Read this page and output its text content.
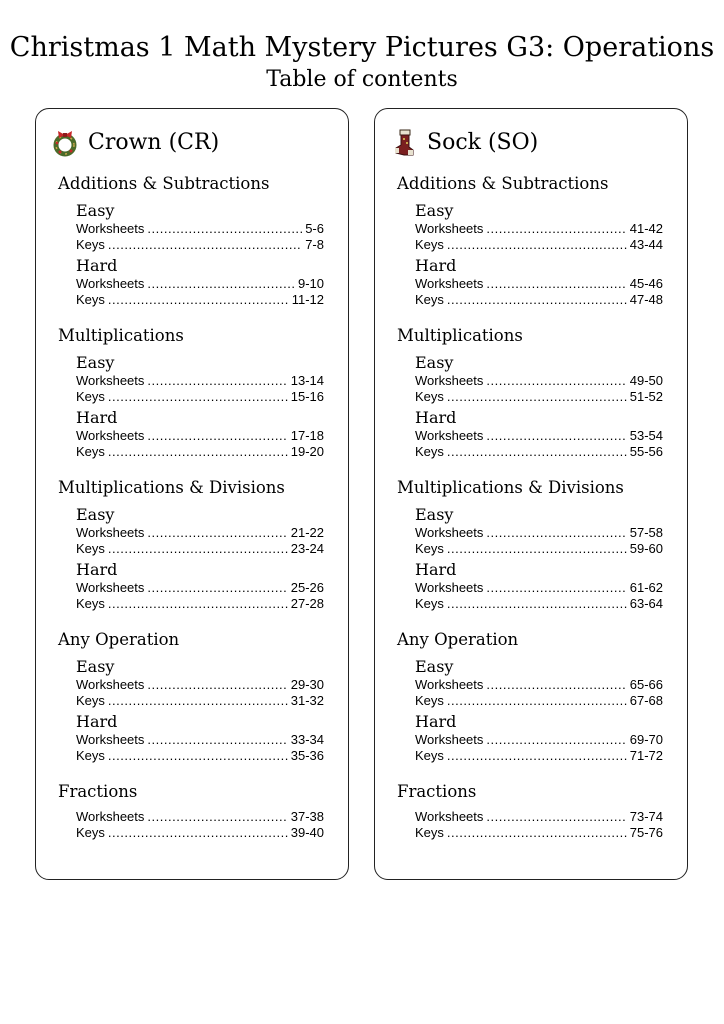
Christmas 1 Math Mystery Pictures G3: Operations
Table of contents
Crown (CR)
Additions & Subtractions
Easy
Worksheets .....	5-6
Keys .....	7-8
Hard
Worksheets .....	9-10
Keys .....	11-12
Multiplications
Easy
Worksheets .....	13-14
Keys .....	15-16
Hard
Worksheets .....	17-18
Keys .....	19-20
Multiplications & Divisions
Easy
Worksheets .....	21-22
Keys .....	23-24
Hard
Worksheets .....	25-26
Keys .....	27-28
Any Operation
Easy
Worksheets .....	29-30
Keys .....	31-32
Hard
Worksheets .....	33-34
Keys .....	35-36
Fractions
Worksheets .....	37-38
Keys .....	39-40
Sock (SO)
Additions & Subtractions
Easy
Worksheets .....	41-42
Keys .....	43-44
Hard
Worksheets .....	45-46
Keys .....	47-48
Multiplications
Easy
Worksheets .....	49-50
Keys .....	51-52
Hard
Worksheets .....	53-54
Keys .....	55-56
Multiplications & Divisions
Easy
Worksheets .....	57-58
Keys .....	59-60
Hard
Worksheets .....	61-62
Keys .....	63-64
Any Operation
Easy
Worksheets .....	65-66
Keys .....	67-68
Hard
Worksheets .....	69-70
Keys .....	71-72
Fractions
Worksheets .....	73-74
Keys .....	75-76
